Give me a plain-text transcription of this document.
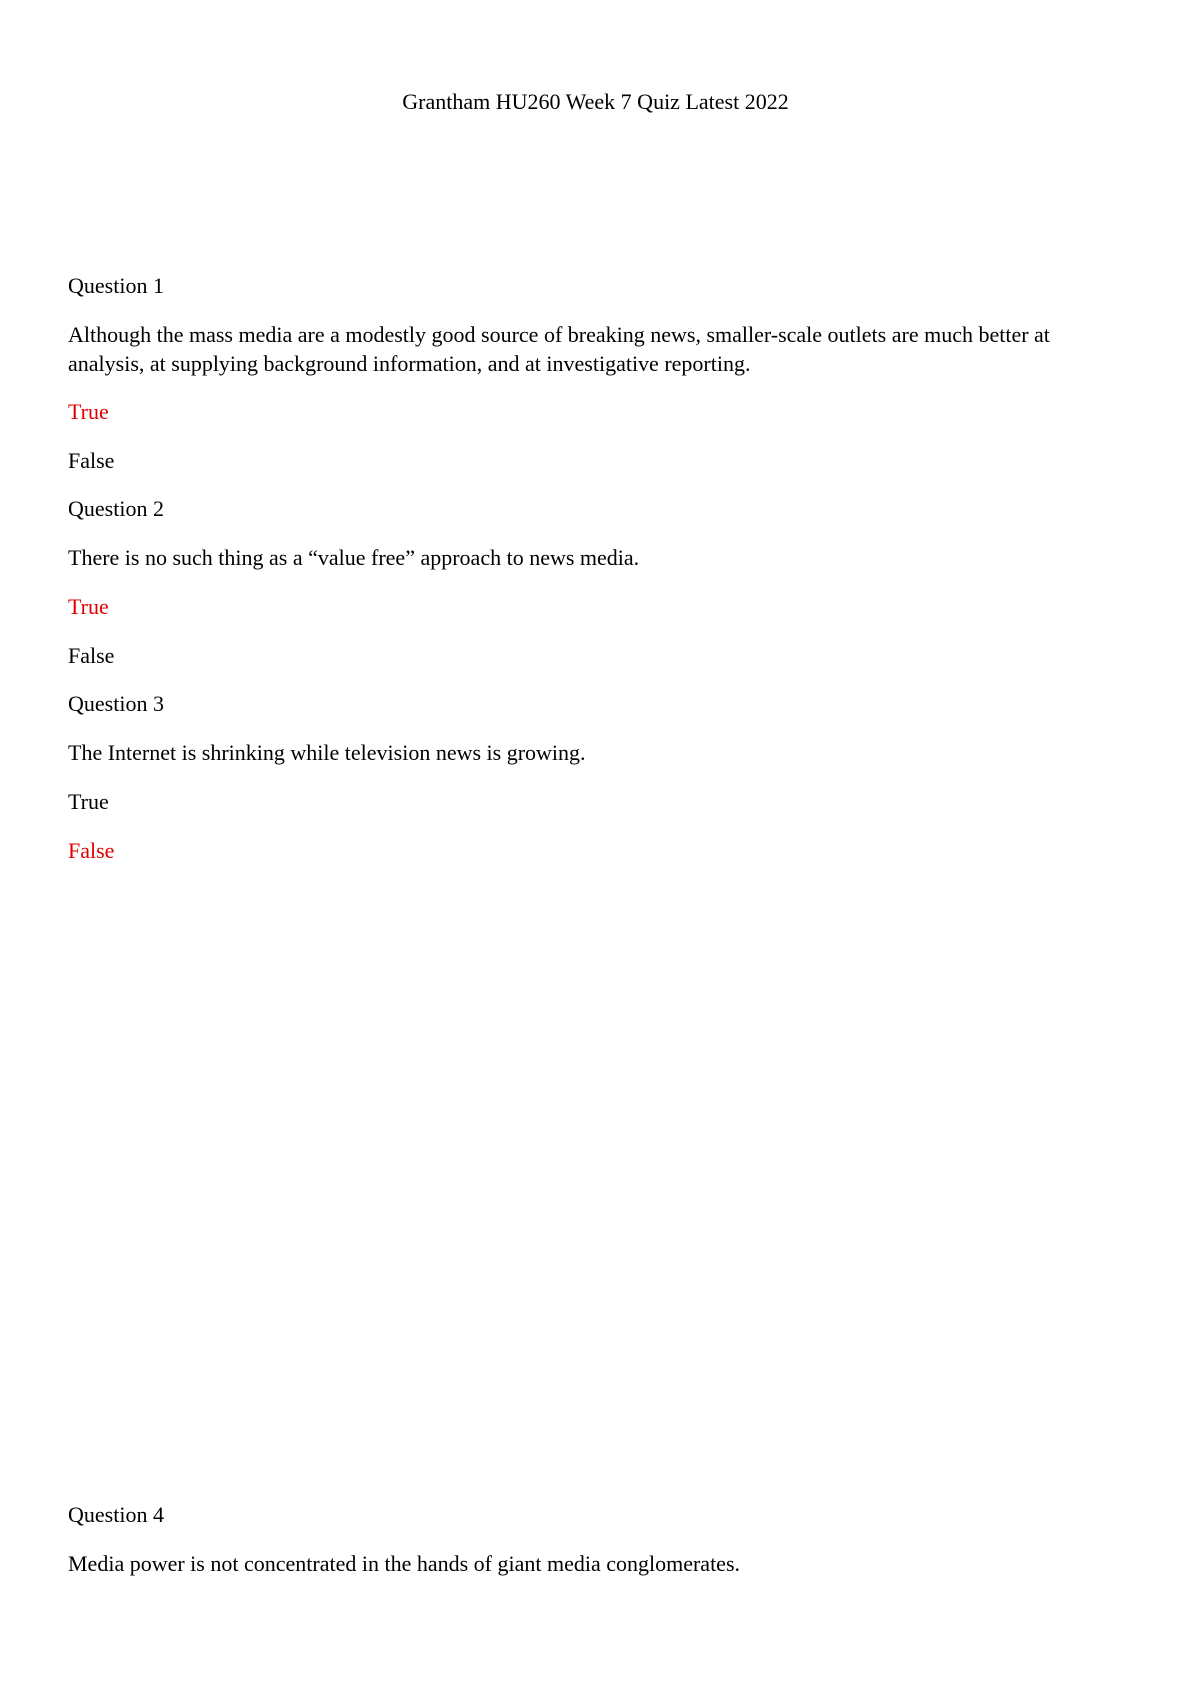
Grantham HU260 Week 7 Quiz Latest 2022
Question 1
Although the mass media are a modestly good source of breaking news, smaller-scale outlets are much better at analysis, at supplying background information, and at investigative reporting.
True
False
Question 2
There is no such thing as a “value free” approach to news media.
True
False
Question 3
The Internet is shrinking while television news is growing.
True
False
Question 4
Media power is not concentrated in the hands of giant media conglomerates.
